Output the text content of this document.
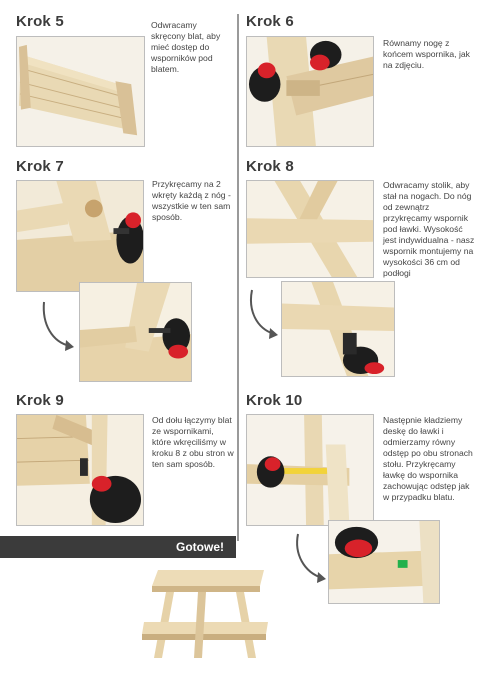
Krok 5	Odwracamy skręcony blat, aby mieć dostęp do wsporników pod blatem.
Krok 6
Równamy nogę z końcem wspornika, jak na zdjęciu.
Krok 7
Przykręcamy na 2 wkręty każdą z nóg - wszystkie w ten sam sposób.
Krok 8
Odwracamy stolik, aby stał na nogach. Do nóg od zewnątrz przykręcamy wspornik pod ławki. Wysokość jest indywidualna - nasz wspornik montujemy na wysokości 36 cm od podłogi
Krok 9
Od dołu łączymy blat ze wspornikami, które wkręciliśmy w kroku 8 z obu stron w ten sam sposób.
Gotowe!
Krok 10
Następnie kładziemy deskę do ławki i odmierzamy równy odstęp po obu stronach stołu. Przykręcamy ławkę do wspornika zachowując odstęp jak w przypadku blatu.
